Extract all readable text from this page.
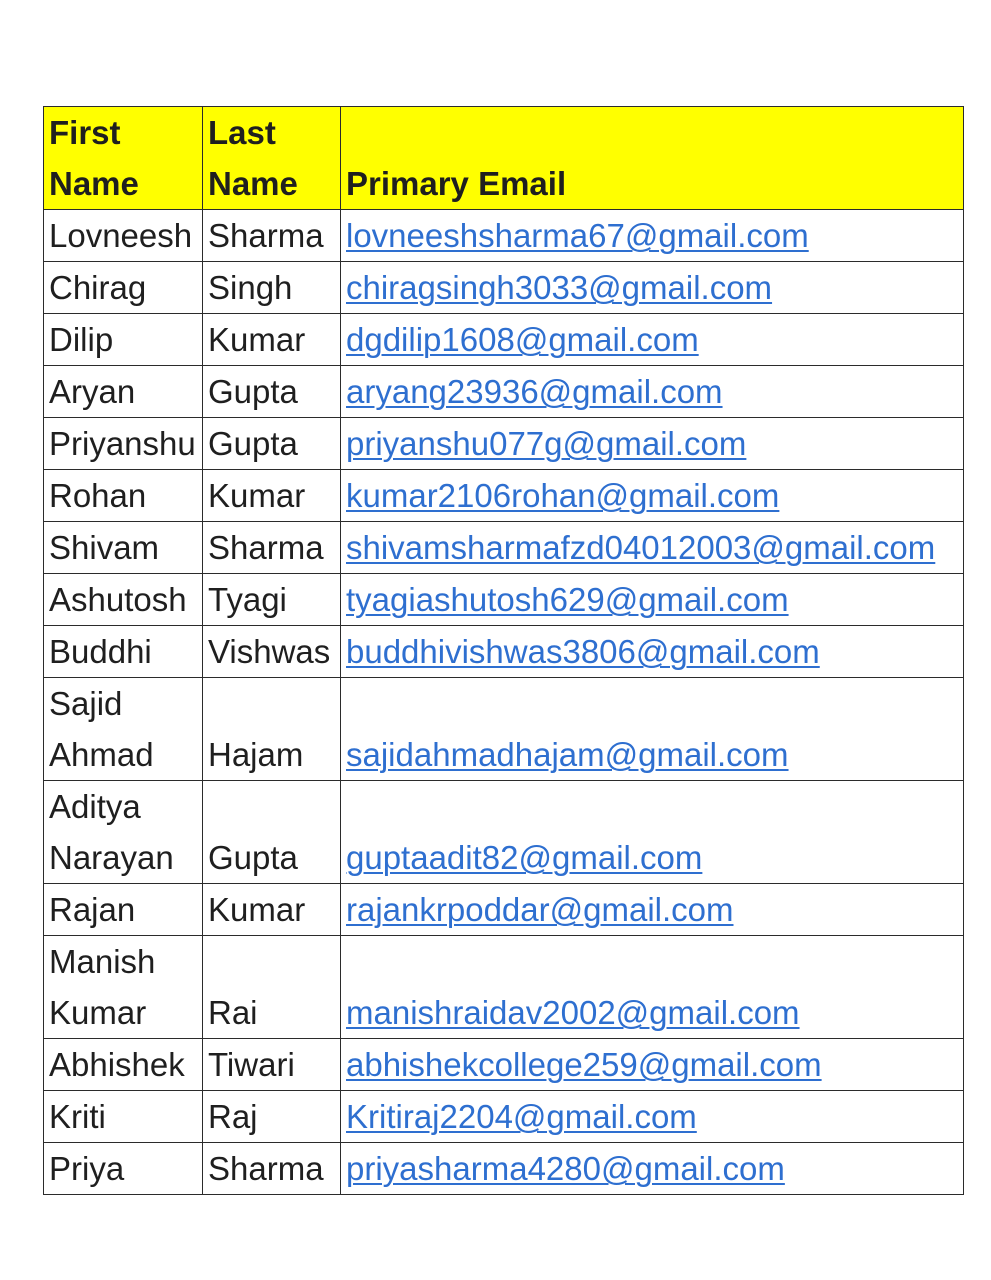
First Name	Last Name	Primary Email
Lovneesh	Sharma	lovneeshsharma67@gmail.com
Chirag	Singh	chiragsingh3033@gmail.com
Dilip	Kumar	dgdilip1608@gmail.com
Aryan	Gupta	aryang23936@gmail.com
Priyanshu	Gupta	priyanshu077g@gmail.com
Rohan	Kumar	kumar2106rohan@gmail.com
Shivam	Sharma	shivamsharmafzd04012003@gmail.com
Ashutosh	Tyagi	tyagiashutosh629@gmail.com
Buddhi	Vishwas	buddhivishwas3806@gmail.com

Sajid Ahmad	Hajam	sajidahmadhajam@gmail.com

Aditya Narayan	Gupta	guptaadit82@gmail.com
Rajan	Kumar	rajankrpoddar@gmail.com

Manish Kumar	Rai	manishraidav2002@gmail.com
Abhishek	Tiwari	abhishekcollege259@gmail.com
Kriti	Raj	Kritiraj2204@gmail.com
Priya	Sharma	priyasharma4280@gmail.com
